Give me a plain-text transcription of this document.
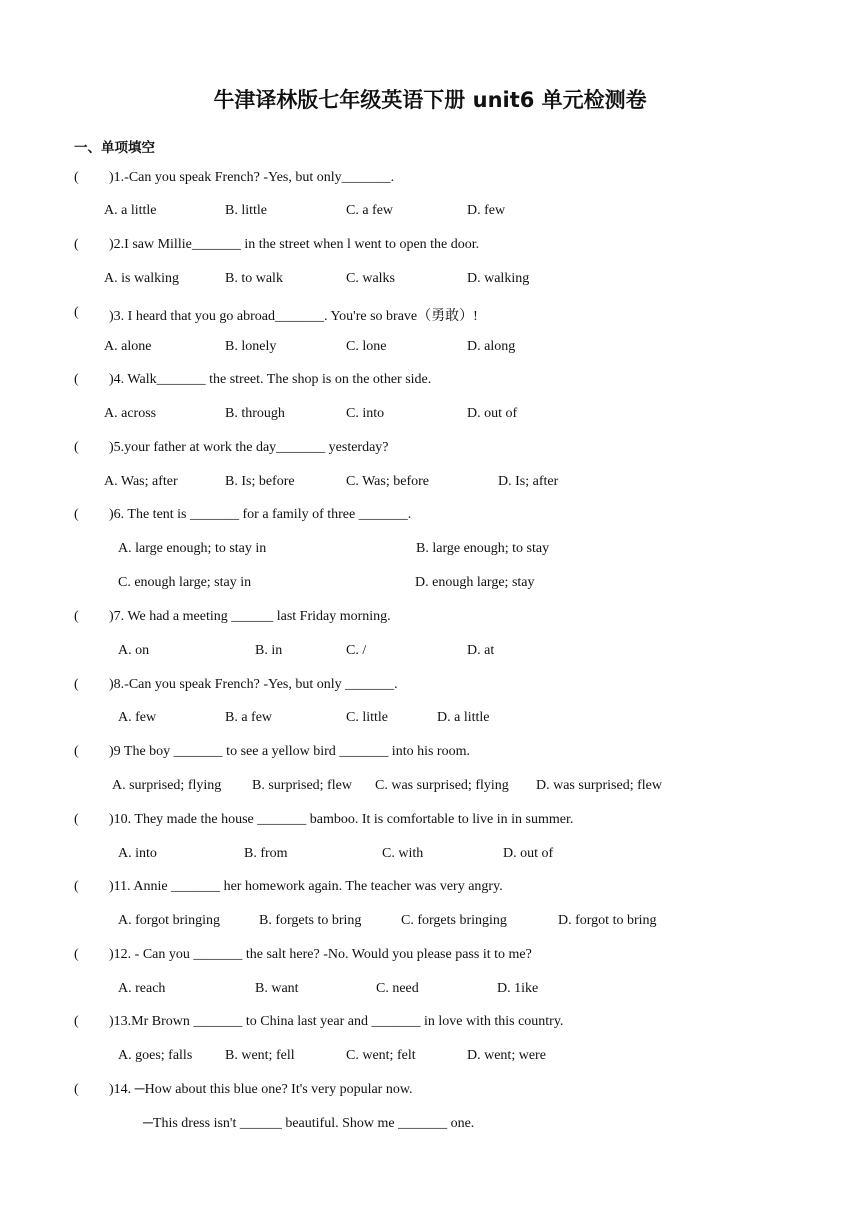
牛津译林版七年级英语下册 unit6 单元检测卷
一、单项填空
( )1.-Can you speak French? -Yes, but only_______.
A. a little	B. little	C. a few	D. few
( )2.I saw Millie_______ in the street when l went to open the door.
A. is walking	B. to walk	C. walks	D. walking
( )3. I heard that you go abroad_______. You're so brave（勇敢）!
A. alone	B. lonely	C. lone	D. along
( )4. Walk_______ the street. The shop is on the other side.
A. across	B. through	C. into	D. out of
( )5.your father at work the day_______ yesterday?
A. Was; after	B. Is; before	C. Was; before	D. Is; after
( )6. The tent is _______ for a family of three _______.
A. large enough; to stay in	B. large enough; to stay
C. enough large; stay in	D. enough large; stay
( )7. We had a meeting ______ last Friday morning.
A. on	B. in	C. /	D. at
( )8.-Can you speak French? -Yes, but only _______.
A. few	B. a few	C. little	D. a little
( )9 The boy _______ to see a yellow bird _______ into his room.
A. surprised; flying B. surprised; flew C. was surprised; flying D. was surprised; flew
( )10. They made the house _______ bamboo. It is comfortable to live in in summer.
A. into	B. from	C. with	D. out of
( )11. Annie _______ her homework again. The teacher was very angry.
A. forgot bringing	B. forgets to bring	C. forgets bringing	D. forgot to bring
( )12. - Can you _______ the salt here? -No. Would you please pass it to me?
A. reach	B. want	C. need	D. 1ike
( )13.Mr Brown _______ to China last year and _______ in love with this country.
A. goes; falls B. went; fell	C. went; felt	D. went; were
( )14. ─How about this blue one? It's very popular now.
─This dress isn't ______ beautiful. Show me _______ one.
